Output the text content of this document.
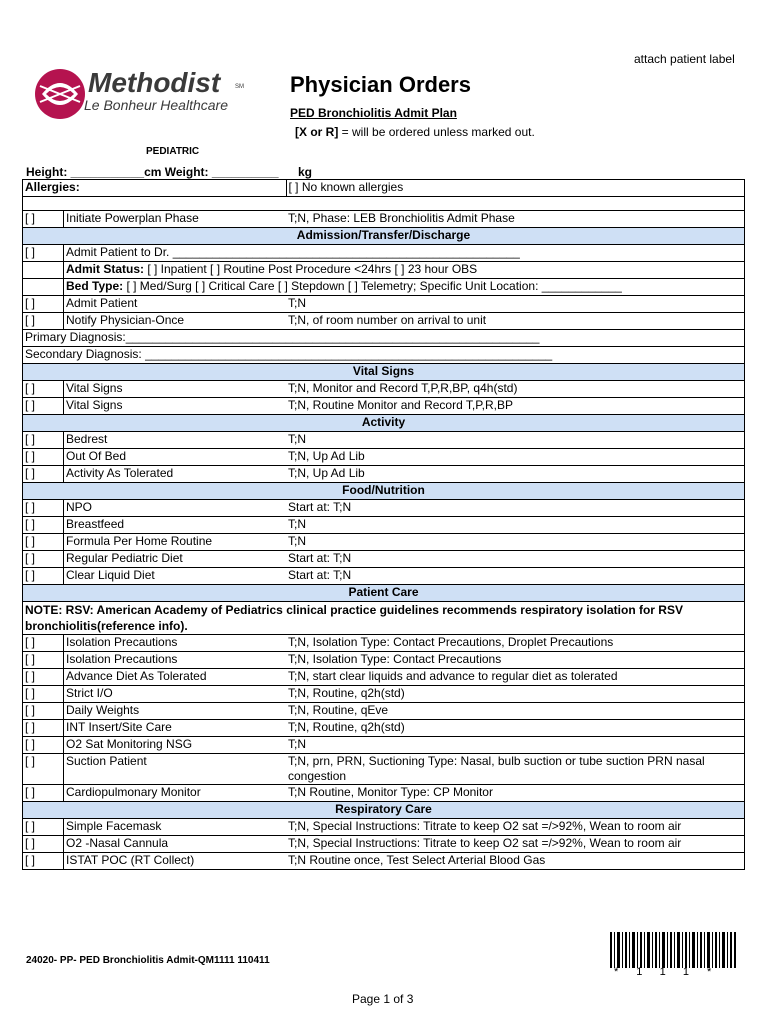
attach patient label
Methodist SM
Le Bonheur Healthcare
Physician Orders
PED Bronchiolitis Admit Plan
[X or R] = will be ordered unless marked out.
PEDIATRIC
Height: ___________cm Weight: __________ kg
Allergies:		[ ] No known allergies

[ ]	Initiate Powerplan Phase	T;N, Phase: LEB Bronchiolitis Admit Phase
Admission/Transfer/Discharge		
[ ]	Admit Patient to Dr. ____________________________________________________	
	Admit Status: [ ] Inpatient [ ] Routine Post Procedure <24hrs [ ] 23 hour OBS	
	Bed Type: [ ] Med/Surg [ ] Critical Care [ ] Stepdown [ ] Telemetry; Specific Unit Location: ____________	
[ ]	Admit Patient	T;N
[ ]	Notify Physician-Once	T;N, of room number on arrival to unit
Primary Diagnosis:______________________________________________________________		
Secondary Diagnosis: _____________________________________________________________		
Vital Signs		
[ ]	Vital Signs	T;N, Monitor and Record T,P,R,BP, q4h(std)
[ ]	Vital Signs	T;N, Routine Monitor and Record T,P,R,BP
Activity		
[ ]	Bedrest	T;N
[ ]	Out Of Bed	T;N, Up Ad Lib
[ ]	Activity As Tolerated	T;N, Up Ad Lib
Food/Nutrition		
[ ]	NPO	Start at: T;N
[ ]	Breastfeed	T;N
[ ]	Formula Per Home Routine	T;N
[ ]	Regular Pediatric Diet	Start at: T;N
[ ]	Clear Liquid Diet	Start at: T;N
Patient Care		
NOTE: RSV: American Academy of Pediatrics clinical practice guidelines recommends respiratory isolation for RSV bronchiolitis(reference info).		
[ ]	Isolation Precautions	T;N, Isolation Type: Contact Precautions, Droplet Precautions
[ ]	Isolation Precautions	T;N, Isolation Type: Contact Precautions
[ ]	Advance Diet As Tolerated	T;N, start clear liquids and advance to regular diet as tolerated
[ ]	Strict I/O	T;N, Routine, q2h(std)
[ ]	Daily Weights	T;N, Routine, qEve
[ ]	INT Insert/Site Care	T;N, Routine, q2h(std)
[ ]	O2 Sat Monitoring NSG	T;N
[ ]	Suction Patient	T;N, prn, PRN, Suctioning Type: Nasal, bulb suction or tube suction PRN nasal congestion
[ ]	Cardiopulmonary Monitor	T;N Routine, Monitor Type: CP Monitor
Respiratory Care		
[ ]	Simple Facemask	T;N, Special Instructions: Titrate to keep O2 sat =/>92%, Wean to room air
[ ]	O2 -Nasal Cannula	T;N, Special Instructions: Titrate to keep O2 sat =/>92%, Wean to room air
[ ]	ISTAT POC (RT Collect)	T;N Routine once, Test Select Arterial Blood Gas
24020- PP- PED Bronchiolitis Admit-QM1111 110411
*111*
Page 1 of 3
